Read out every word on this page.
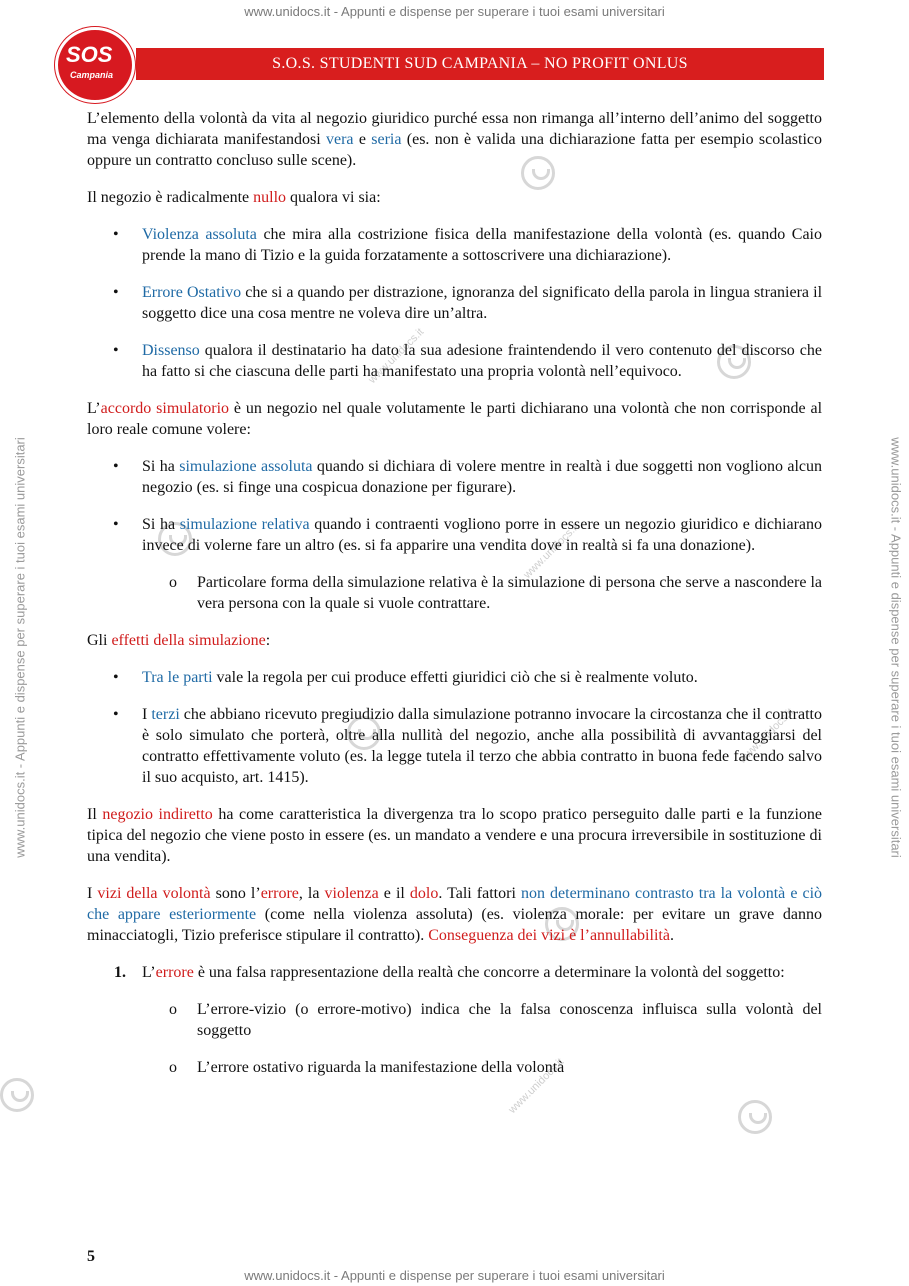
www.unidocs.it - Appunti e dispense per superare i tuoi esami universitari
www.unidocs.it - Appunti e dispense per superare i tuoi esami universitari
www.unidocs.it - Appunti e dispense per superare i tuoi esami universitari	www.unidocs.it - Appunti e dispense per superare i tuoi esami universitari
www.unidocs.it
www.unidocs.it
www.unidocs.it
www.unidocs.it
SOS
Campania
S.O.S. STUDENTI SUD CAMPANIA – NO PROFIT ONLUS

L’elemento della volontà da vita al negozio giuridico purché essa non rimanga all’interno dell’animo del soggetto ma venga dichiarata manifestandosi vera e seria (es. non è valida una dichiarazione fatta per esempio scolastico oppure un contratto concluso sulle scene).

Il negozio è radicalmente nullo qualora vi sia:

• Violenza assoluta che mira alla costrizione fisica della manifestazione della volontà (es. quando Caio prende la mano di Tizio e la guida forzatamente a sottoscrivere una dichiarazione).
• Errore Ostativo che si a quando per distrazione, ignoranza del significato della parola in lingua straniera il soggetto dice una cosa mentre ne voleva dire un’altra.
• Dissenso qualora il destinatario ha dato la sua adesione fraintendendo il vero contenuto del discorso che ha fatto si che ciascuna delle parti ha manifestato una propria volontà nell’equivoco.

L’accordo simulatorio è un negozio nel quale volutamente le parti dichiarano una volontà che non corrisponde al loro reale comune volere:

• Si ha simulazione assoluta quando si dichiara di volere mentre in realtà i due soggetti non vogliono alcun negozio (es. si finge una cospicua donazione per figurare).
• Si ha simulazione relativa quando i contraenti vogliono porre in essere un negozio giuridico e dichiarano invece di volerne fare un altro (es. si fa apparire una vendita dove in realtà si fa una donazione).
o Particolare forma della simulazione relativa è la simulazione di persona che serve a nascondere la vera persona con la quale si vuole contrattare.

Gli effetti della simulazione:

• Tra le parti vale la regola per cui produce effetti giuridici ciò che si è realmente voluto.
• I terzi che abbiano ricevuto pregiudizio dalla simulazione potranno invocare la circostanza che il contratto è solo simulato che porterà, oltre alla nullità del negozio, anche alla possibilità di avvantaggiarsi del contratto effettivamente voluto (es. la legge tutela il terzo che abbia contratto in buona fede facendo salvo il suo acquisto, art. 1415).

Il negozio indiretto ha come caratteristica la divergenza tra lo scopo pratico perseguito dalle parti e la funzione tipica del negozio che viene posto in essere (es. un mandato a vendere e una procura irreversibile in sostituzione di una vendita).

I vizi della volontà sono l’errore, la violenza e il dolo. Tali fattori non determinano contrasto tra la volontà e ciò che appare esteriormente (come nella violenza assoluta) (es. violenza morale: per evitare un grave danno minacciatogli, Tizio preferisce stipulare il contratto). Conseguenza dei vizi è l’annullabilità.

1. L’errore è una falsa rappresentazione della realtà che concorre a determinare la volontà del soggetto:
o L’errore-vizio (o errore-motivo) indica che la falsa conoscenza influisca sulla volontà del soggetto
o L’errore ostativo riguarda la manifestazione della volontà
5
